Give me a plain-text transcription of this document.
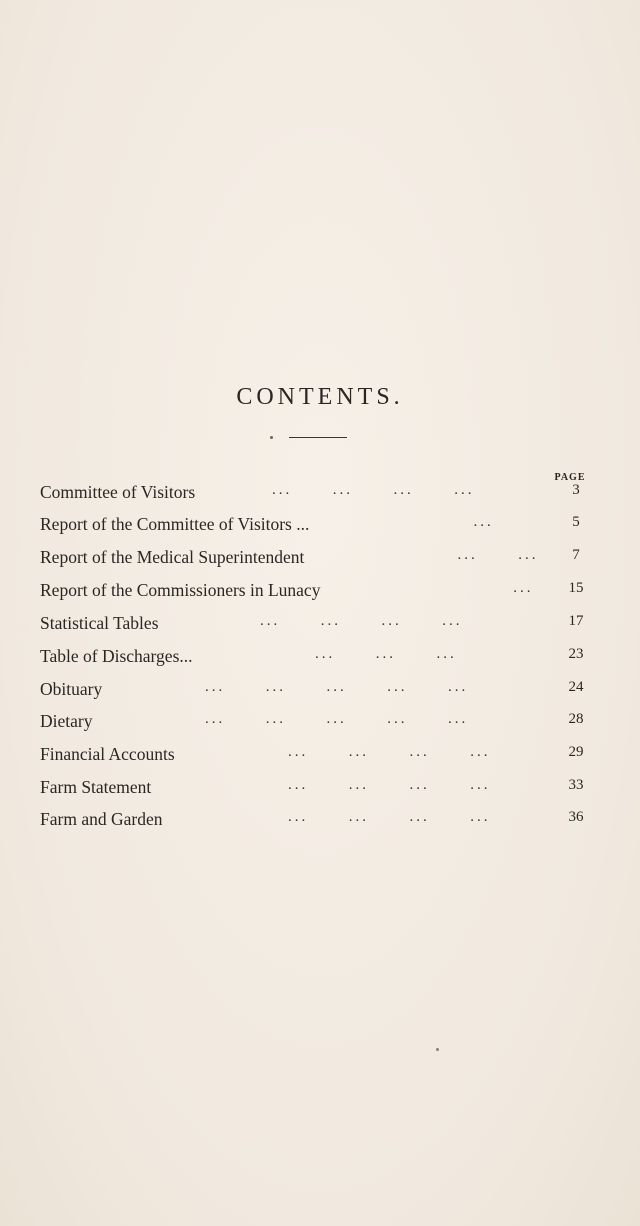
CONTENTS.
PAGE
Committee of Visitors	...      ...      ...      ...	3
Report of the Committee of Visitors ...	...	5
Report of the Medical Superintendent	...      ...	7
Report of the Commissioners in Lunacy	...	15
Statistical Tables	...      ...      ...      ...	17
Table of Discharges...	...      ...      ...	23
Obituary	...      ...      ...      ...      ...	24
Dietary	...      ...      ...      ...      ...	28
Financial Accounts	...      ...      ...      ...	29
Farm Statement	...      ...      ...      ...	33
Farm and Garden	...      ...      ...      ...	36
